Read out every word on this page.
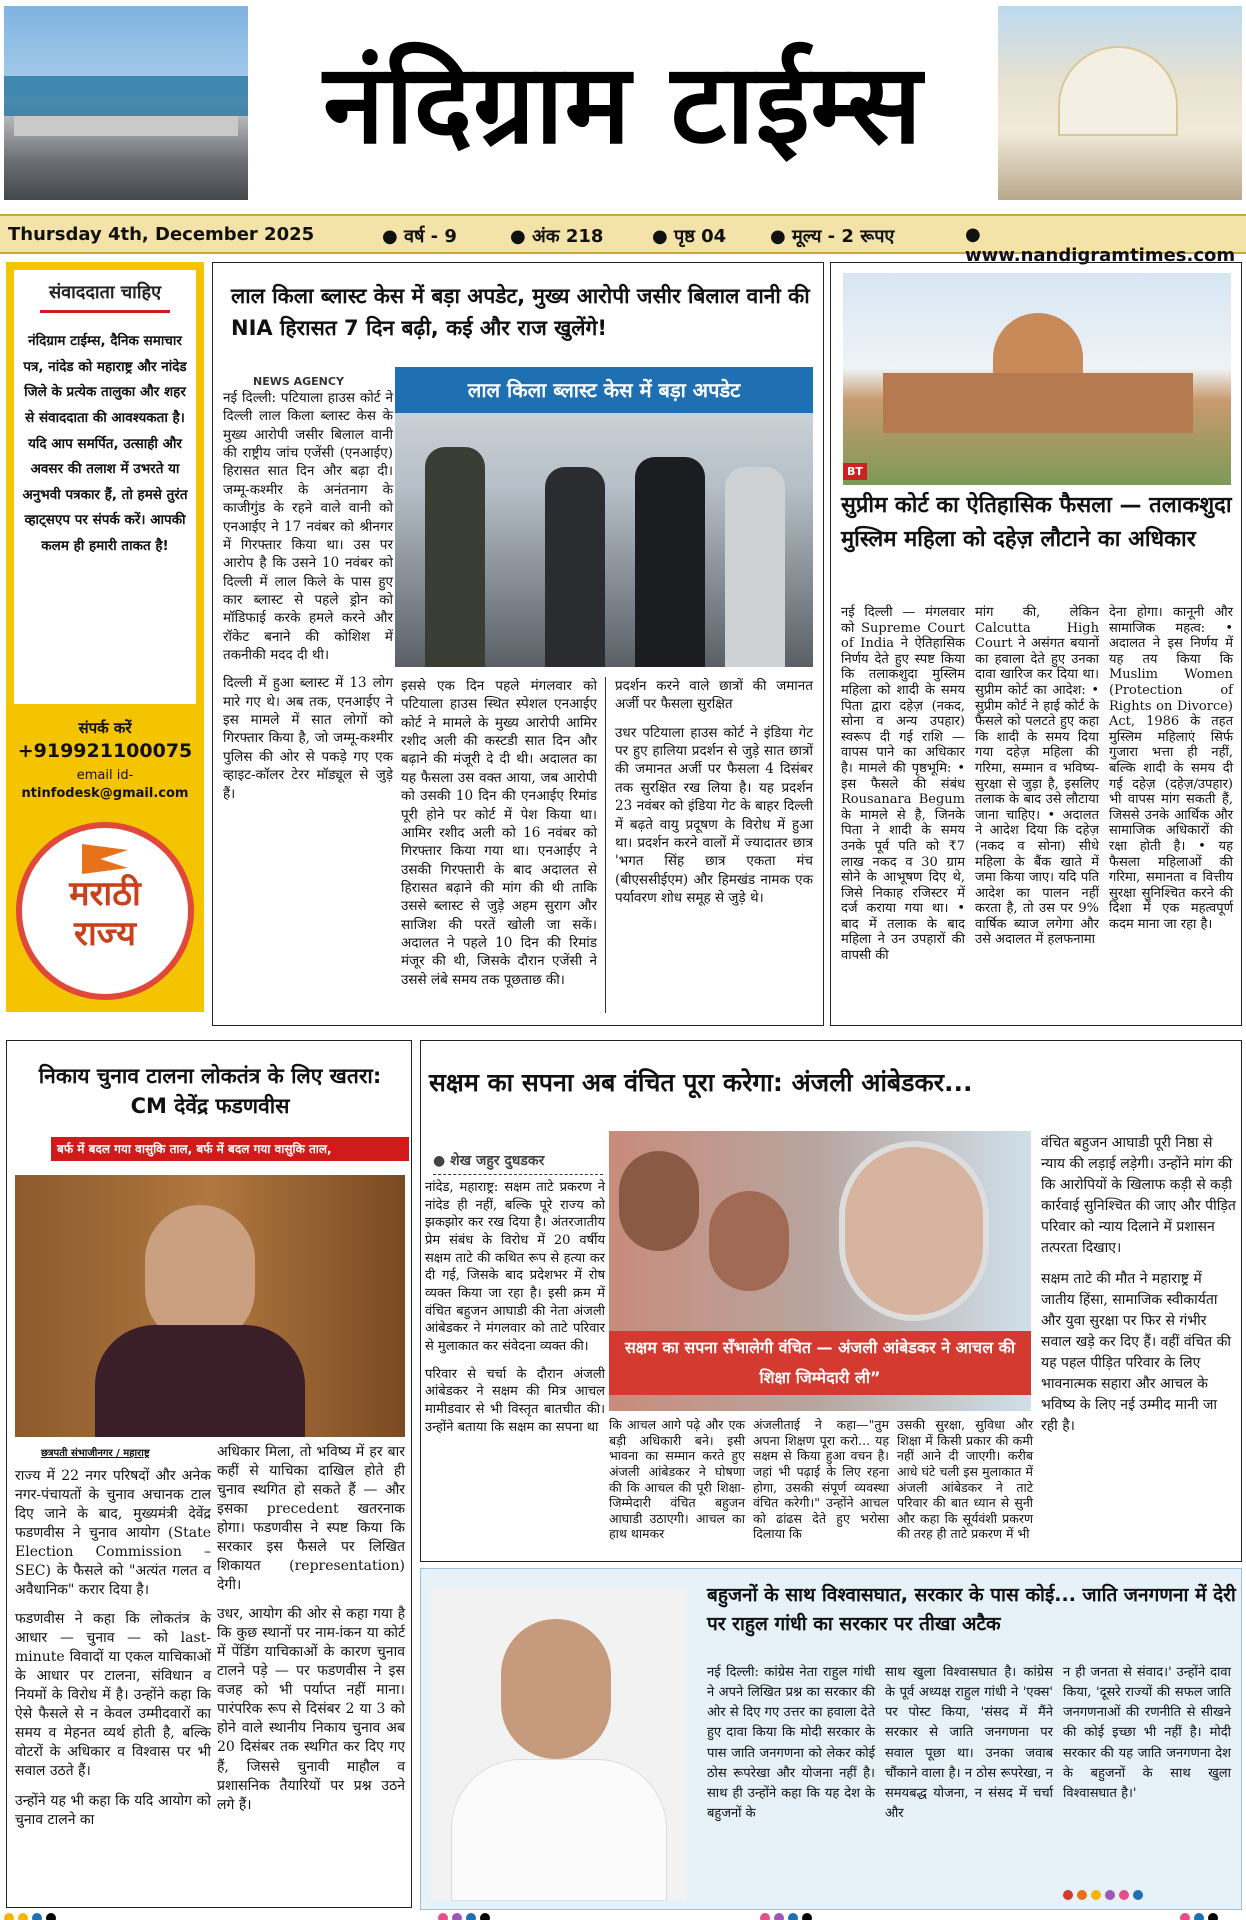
नंदिग्राम टाईम्स
Thursday 4th, December 2025	● वर्ष - 9	● अंक 218	● पृष्ठ 04 ● मूल्य - 2 रूपए	● www.nandigramtimes.com
संवाददाता चाहिए
नंदिग्राम टाईम्स, दैनिक समाचार पत्र, नांदेड को महाराष्ट्र और नांदेड जिले के प्रत्येक तालुका और शहर से संवाददाता की आवश्यकता है। यदि आप समर्पित, उत्साही और अवसर की तलाश में उभरते या अनुभवी पत्रकार हैं, तो हमसे तुरंत व्हाट्सएप पर संपर्क करें। आपकी कलम ही हमारी ताकत है!
संपर्क करें
+919921100075
email id-
ntinfodesk@gmail.com
मराठी
राज्य
लाल किला ब्लास्ट केस में बड़ा अपडेट, मुख्य आरोपी जसीर बिलाल वानी की NIA हिरासत 7 दिन बढ़ी, कई और राज खुलेंगे!
NEWS AGENCY	लाल किला ब्लास्ट केस में बड़ा अपडेट

नई दिल्ली: पटियाला हाउस कोर्ट ने दिल्ली लाल किला ब्लास्ट केस के मुख्य आरोपी जसीर बिलाल वानी की राष्ट्रीय जांच एजेंसी (एनआईए) हिरासत सात दिन और बढ़ा दी। जम्मू-कश्मीर के अनंतनाग के काजीगुंड के रहने वाले वानी को एनआईए ने 17 नवंबर को श्रीनगर में गिरफ्तार किया था। उस पर आरोप है कि उसने 10 नवंबर को दिल्ली में लाल किले के पास हुए कार ब्लास्ट से पहले ड्रोन को मॉडिफाई करके हमले करने और रॉकेट बनाने की कोशिश में तकनीकी मदद दी थी।

दिल्ली में हुआ ब्लास्ट में 13 लोग मारे गए थे। अब तक, एनआईए ने इस मामले में सात लोगों को गिरफ्तार किया है, जो जम्मू-कश्मीर पुलिस की ओर से पकड़े गए एक व्हाइट-कॉलर टेरर मॉड्यूल से जुड़े हैं।

इससे एक दिन पहले मंगलवार को पटियाला हाउस स्थित स्पेशल एनआईए कोर्ट ने मामले के मुख्य आरोपी आमिर रशीद अली की कस्टडी सात दिन और बढ़ाने की मंजूरी दे दी थी। अदालत का यह फैसला उस वक्त आया, जब आरोपी को उसकी 10 दिन की एनआईए रिमांड पूरी होने पर कोर्ट में पेश किया था। आमिर रशीद अली को 16 नवंबर को गिरफ्तार किया गया था। एनआईए ने उसकी गिरफ्तारी के बाद अदालत से हिरासत बढ़ाने की मांग की थी ताकि उससे ब्लास्ट से जुड़े अहम सुराग और साजिश की परतें खोली जा सकें। अदालत ने पहले 10 दिन की रिमांड मंजूर की थी, जिसके दौरान एजेंसी ने उससे लंबे समय तक पूछताछ की।

प्रदर्शन करने वाले छात्रों की जमानत अर्जी पर फैसला सुरक्षित

उधर पटियाला हाउस कोर्ट ने इंडिया गेट पर हुए हालिया प्रदर्शन से जुड़े सात छात्रों की जमानत अर्जी पर फैसला 4 दिसंबर तक सुरक्षित रख लिया है। यह प्रदर्शन 23 नवंबर को इंडिया गेट के बाहर दिल्ली में बढ़ते वायु प्रदूषण के विरोध में हुआ था। प्रदर्शन करने वालों में ज्यादातर छात्र 'भगत सिंह छात्र एकता मंच (बीएससीईएम) और हिमखंड नामक एक पर्यावरण शोध समूह से जुड़े थे।

BT
सुप्रीम कोर्ट का ऐतिहासिक फैसला — तलाकशुदा मुस्लिम महिला को दहेज़ लौटाने का अधिकार
नई दिल्ली — मंगलवार को Supreme Court of India ने ऐतिहासिक निर्णय देते हुए स्पष्ट किया कि तलाकशुदा मुस्लिम महिला को शादी के समय पिता द्वारा दहेज़ (नकद, सोना व अन्य उपहार) स्वरूप दी गई राशि — वापस पाने का अधिकार है। मामले की पृष्ठभूमि: • इस फैसले की संबंध Rousanara Begum के मामले से है, जिनके पिता ने शादी के समय उनके पूर्व पति को ₹7 लाख नकद व 30 ग्राम सोने के आभूषण दिए थे, जिसे निकाह रजिस्टर में दर्ज कराया गया था। • बाद में तलाक के बाद महिला ने उन उपहारों की वापसी की
मांग की, लेकिन Calcutta High Court ने असंगत बयानों का हवाला देते हुए उनका दावा खारिज कर दिया था। सुप्रीम कोर्ट का आदेश: • सुप्रीम कोर्ट ने हाई कोर्ट के फैसले को पलटते हुए कहा कि शादी के समय दिया गया दहेज़ महिला की गरिमा, सम्मान व भविष्य-सुरक्षा से जुड़ा है, इसलिए तलाक के बाद उसे लौटाया जाना चाहिए। • अदालत ने आदेश दिया कि दहेज़ (नकद व सोना) सीधे महिला के बैंक खाते में जमा किया जाए। यदि पति आदेश का पालन नहीं करता है, तो उस पर 9% वार्षिक ब्याज लगेगा और उसे अदालत में हलफनामा
देना होगा। कानूनी और सामाजिक महत्व: • अदालत ने इस निर्णय में यह तय किया कि Muslim Women (Protection of Rights on Divorce) Act, 1986 के तहत मुस्लिम महिलाएं सिर्फ गुजारा भत्ता ही नहीं, बल्कि शादी के समय दी गई दहेज़ (दहेज़/उपहार) भी वापस मांग सकती हैं, जिससे उनके आर्थिक और सामाजिक अधिकारों की रक्षा होती है। • यह फैसला महिलाओं की गरिमा, समानता व वित्तीय सुरक्षा सुनिश्चित करने की दिशा में एक महत्वपूर्ण कदम माना जा रहा है।
निकाय चुनाव टालना लोकतंत्र के लिए खतरा: CM देवेंद्र फडणवीस
बर्फ में बदल गया वासुकि ताल, बर्फ में बदल गया वासुकि ताल,
छत्रपती संभाजीनगर / महाराष्ट्र

राज्य में 22 नगर परिषदों और अनेक नगर-पंचायतों के चुनाव अचानक टाल दिए जाने के बाद, मुख्यमंत्री देवेंद्र फडणवीस ने चुनाव आयोग (State Election Commission – SEC) के फैसले को "अत्यंत गलत व अवैधानिक" करार दिया है।

फडणवीस ने कहा कि लोकतंत्र के आधार — चुनाव — को last-minute विवादों या एकल याचिकाओं के आधार पर टालना, संविधान व नियमों के विरोध में है। उन्होंने कहा कि ऐसे फैसले से न केवल उम्मीदवारों का समय व मेहनत व्यर्थ होती है, बल्कि वोटरों के अधिकार व विश्वास पर भी सवाल उठते हैं।

उन्होंने यह भी कहा कि यदि आयोग को चुनाव टालने का

अधिकार मिला, तो भविष्य में हर बार कहीं से याचिका दाखिल होते ही चुनाव स्थगित हो सकते हैं — और इसका precedent खतरनाक होगा। फडणवीस ने स्पष्ट किया कि सरकार इस फैसले पर लिखित शिकायत (representation) देगी।

उधर, आयोग की ओर से कहा गया है कि कुछ स्थानों पर नाम-ांकन या कोर्ट में पेंडिंग याचिकाओं के कारण चुनाव टालने पड़े — पर फडणवीस ने इस वजह को भी पर्याप्त नहीं माना। पारंपरिक रूप से दिसंबर 2 या 3 को होने वाले स्थानीय निकाय चुनाव अब 20 दिसंबर तक स्थगित कर दिए गए हैं, जिससे चुनावी माहौल व प्रशासनिक तैयारियों पर प्रश्न उठने लगे हैं।

सक्षम का सपना अब वंचित पूरा करेगा: अंजली आंबेडकर...
● शेख जहुर दुधडकर

नांदेड, महाराष्ट्र: सक्षम ताटे प्रकरण ने नांदेड ही नहीं, बल्कि पूरे राज्य को झकझोर कर रख दिया है। अंतरजातीय प्रेम संबंध के विरोध में 20 वर्षीय सक्षम ताटे की कथित रूप से हत्या कर दी गई, जिसके बाद प्रदेशभर में रोष व्यक्त किया जा रहा है। इसी क्रम में वंचित बहुजन आघाडी की नेता अंजली आंबेडकर ने मंगलवार को ताटे परिवार से मुलाकात कर संवेदना व्यक्त की।

परिवार से चर्चा के दौरान अंजली आंबेडकर ने सक्षम की मित्र आचल मामीडवार से भी विस्तृत बातचीत की। उन्होंने बताया कि सक्षम का सपना था

सक्षम का सपना सँभालेगी वंचित — अंजली आंबेडकर ने आचल की शिक्षा जिम्मेदारी ली”
कि आचल आगे पढ़े और एक बड़ी अधिकारी बने। इसी भावना का सम्मान करते हुए अंजली आंबेडकर ने घोषणा की कि आचल की पूरी शिक्षा-जिम्मेदारी वंचित बहुजन आघाडी उठाएगी। आचल का हाथ थामकर
अंजलीताई ने कहा—"तुम अपना शिक्षण पूरा करो... यह सक्षम से किया हुआ वचन है। जहां भी पढ़ाई के लिए रहना होगा, उसकी संपूर्ण व्यवस्था वंचित करेगी।" उन्होंने आचल को ढांढस देते हुए भरोसा दिलाया कि
उसकी सुरक्षा, सुविधा और शिक्षा में किसी प्रकार की कमी नहीं आने दी जाएगी। करीब आधे घंटे चली इस मुलाकात में अंजली आंबेडकर ने ताटे परिवार की बात ध्यान से सुनी और कहा कि सूर्यवंशी प्रकरण की तरह ही ताटे प्रकरण में भी

वंचित बहुजन आघाडी पूरी निष्ठा से न्याय की लड़ाई लड़ेगी। उन्होंने मांग की कि आरोपियों के खिलाफ कड़ी से कड़ी कार्रवाई सुनिश्चित की जाए और पीड़ित परिवार को न्याय दिलाने में प्रशासन तत्परता दिखाए।

सक्षम ताटे की मौत ने महाराष्ट्र में जातीय हिंसा, सामाजिक स्वीकार्यता और युवा सुरक्षा पर फिर से गंभीर सवाल खड़े कर दिए हैं। वहीं वंचित की यह पहल पीड़ित परिवार के लिए भावनात्मक सहारा और आचल के भविष्य के लिए नई उम्मीद मानी जा रही है।

बहुजनों के साथ विश्वासघात, सरकार के पास कोई... जाति जनगणना में देरी पर राहुल गांधी का सरकार पर तीखा अटैक
नई दिल्ली: कांग्रेस नेता राहुल गांधी ने अपने लिखित प्रश्न का सरकार की ओर से दिए गए उत्तर का हवाला देते हुए दावा किया कि मोदी सरकार के पास जाति जनगणना को लेकर कोई ठोस रूपरेखा और योजना नहीं है। साथ ही उन्होंने कहा कि यह देश के बहुजनों के
साथ खुला विश्वासघात है। कांग्रेस के पूर्व अध्यक्ष राहुल गांधी ने 'एक्स' पर पोस्ट किया, 'संसद में मैंने सरकार से जाति जनगणना पर सवाल पूछा था। उनका जवाब चौंकाने वाला है। न ठोस रूपरेखा, न समयबद्ध योजना, न संसद में चर्चा और
न ही जनता से संवाद।' उन्होंने दावा किया, 'दूसरे राज्यों की सफल जाति जनगणनाओं की रणनीति से सीखने की कोई इच्छा भी नहीं है। मोदी सरकार की यह जाति जनगणना देश के बहुजनों के साथ खुला विश्वासघात है।'
